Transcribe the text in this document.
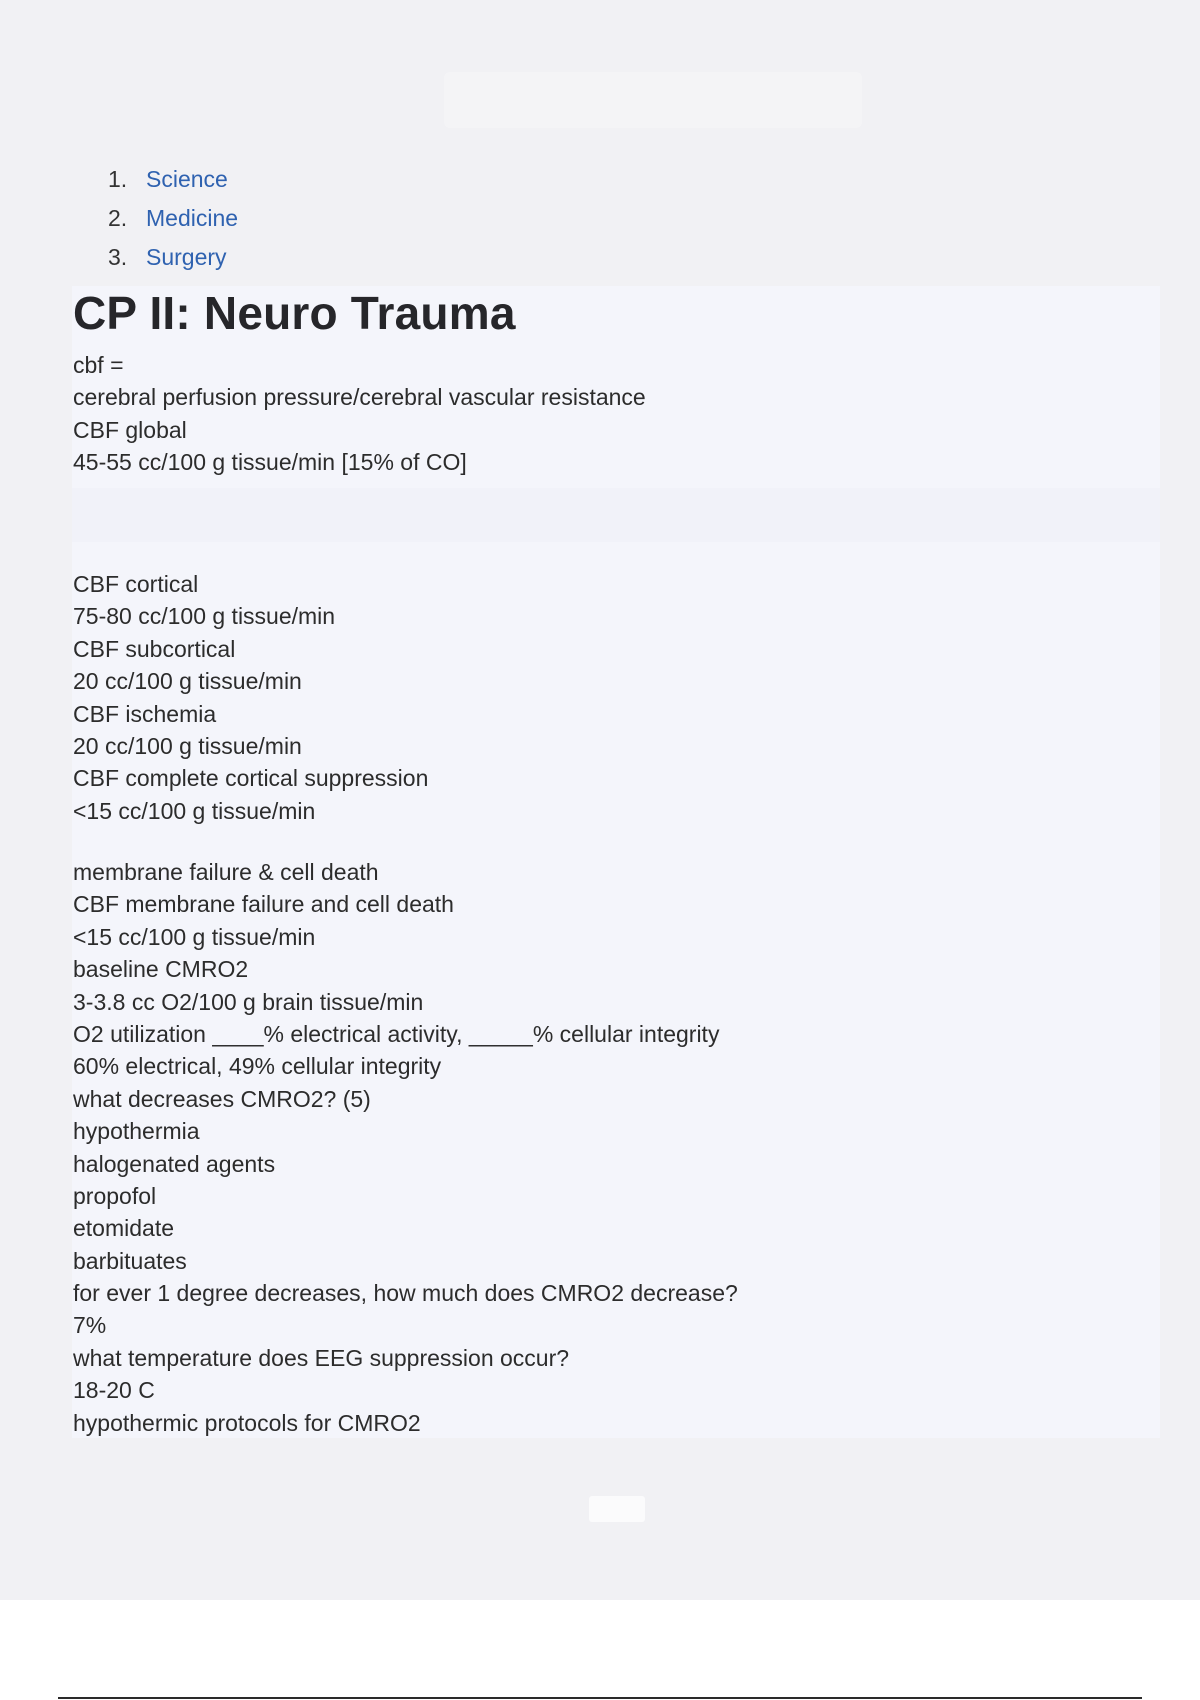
1. Science
2. Medicine
3. Surgery
CP II: Neuro Trauma
cbf =
cerebral perfusion pressure/cerebral vascular resistance
CBF global
45-55 cc/100 g tissue/min [15% of CO]
CBF cortical
75-80 cc/100 g tissue/min
CBF subcortical
20 cc/100 g tissue/min
CBF ischemia
20 cc/100 g tissue/min
CBF complete cortical suppression
<15 cc/100 g tissue/min
membrane failure & cell death
CBF membrane failure and cell death
<15 cc/100 g tissue/min
baseline CMRO2
3-3.8 cc O2/100 g brain tissue/min
O2 utilization ____% electrical activity, _____% cellular integrity
60% electrical, 49% cellular integrity
what decreases CMRO2? (5)
hypothermia
halogenated agents
propofol
etomidate
barbituates
for ever 1 degree decreases, how much does CMRO2 decrease?
7%
what temperature does EEG suppression occur?
18-20 C
hypothermic protocols for CMRO2
